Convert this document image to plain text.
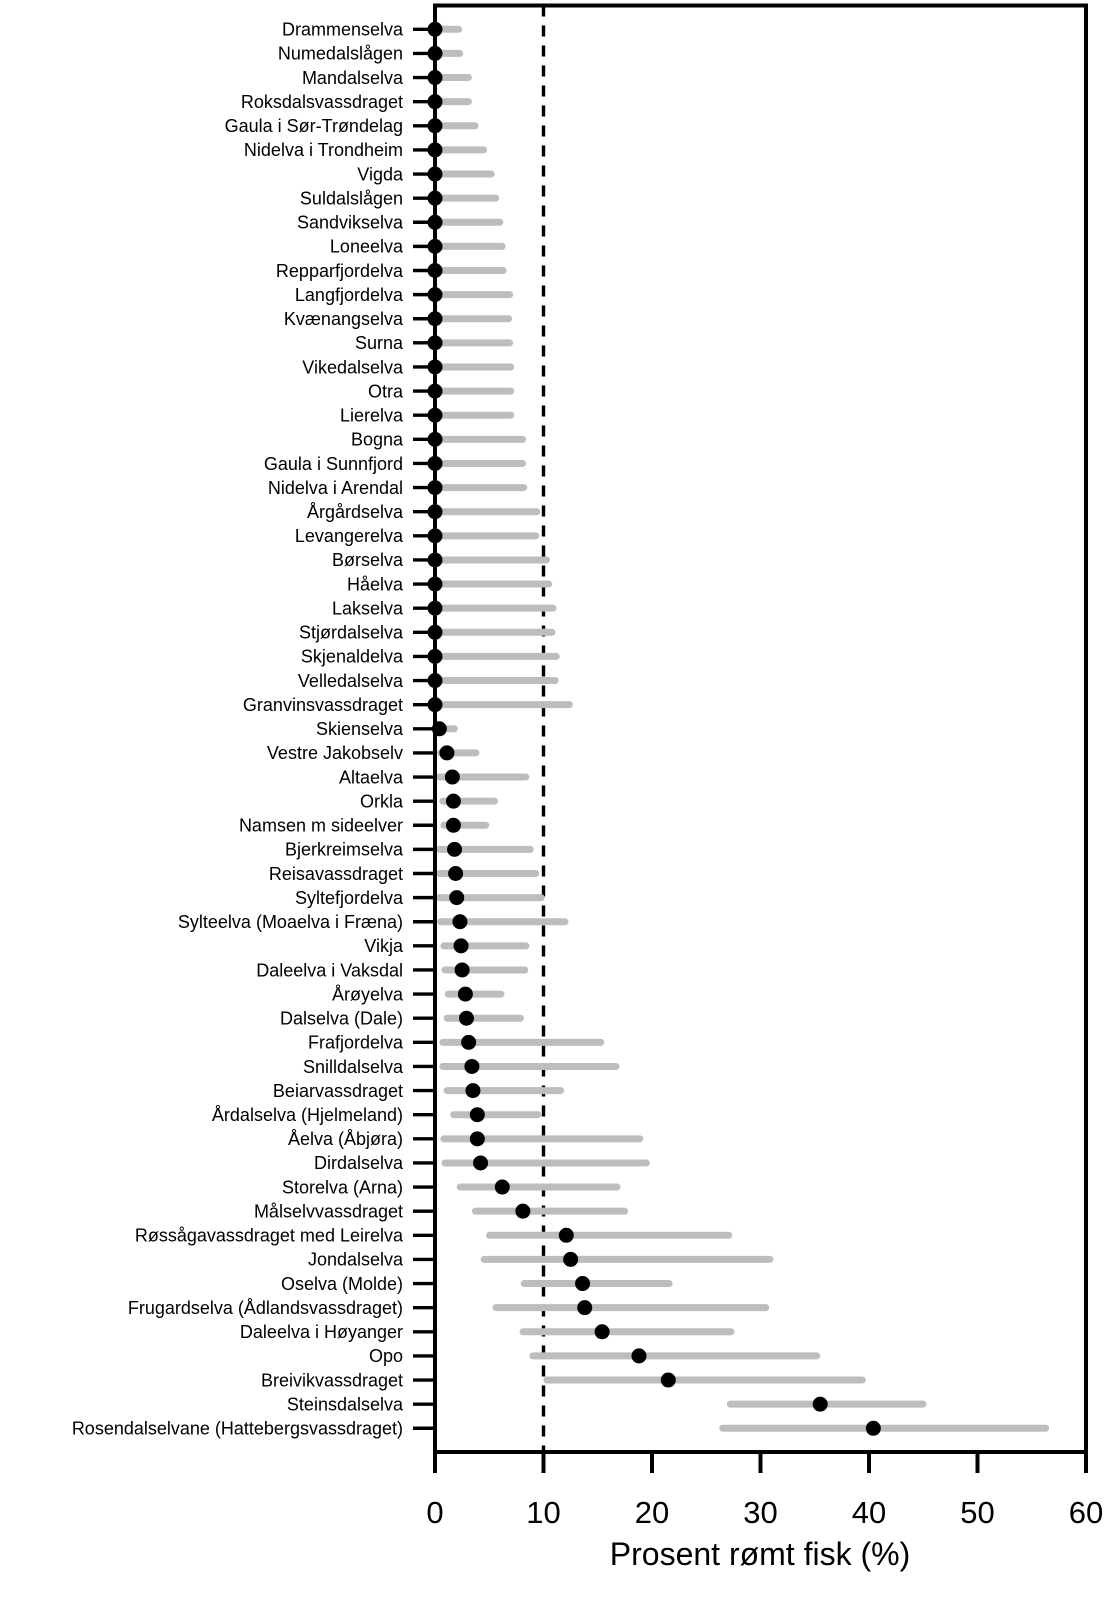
Drammenselva
Numedalslågen
Mandalselva
Roksdalsvassdraget
Gaula i Sør-Trøndelag
Nidelva i Trondheim
Vigda
Suldalslågen
Sandvikselva
Loneelva
Repparfjordelva
Langfjordelva
Kvænangselva
Surna
Vikedalselva
Otra
Lierelva
Bogna
Gaula i Sunnfjord
Nidelva i Arendal
Årgårdselva
Levangerelva
Børselva
Håelva
Lakselva
Stjørdalselva
Skjenaldelva
Velledalselva
Granvinsvassdraget
Skienselva
Vestre Jakobselv
Altaelva
Orkla
Namsen m sideelver
Bjerkreimselva
Reisavassdraget
Syltefjordelva
Sylteelva (Moaelva i Fræna)
Vikja
Daleelva i Vaksdal
Årøyelva
Dalselva (Dale)
Frafjordelva
Snilldalselva
Beiarvassdraget
Årdalselva (Hjelmeland)
Åelva (Åbjøra)
Dirdalselva
Storelva (Arna)
Målselvvassdraget
Røssågavassdraget med Leirelva
Jondalselva
Oselva (Molde)
Frugardselva (Ådlandsvassdraget)
Daleelva i Høyanger
Opo
Breivikvassdraget
Steinsdalselva
Rosendalselvane (Hattebergsvassdraget)
0	10 20 30 40 50 60
Prosent rømt fisk (%)
